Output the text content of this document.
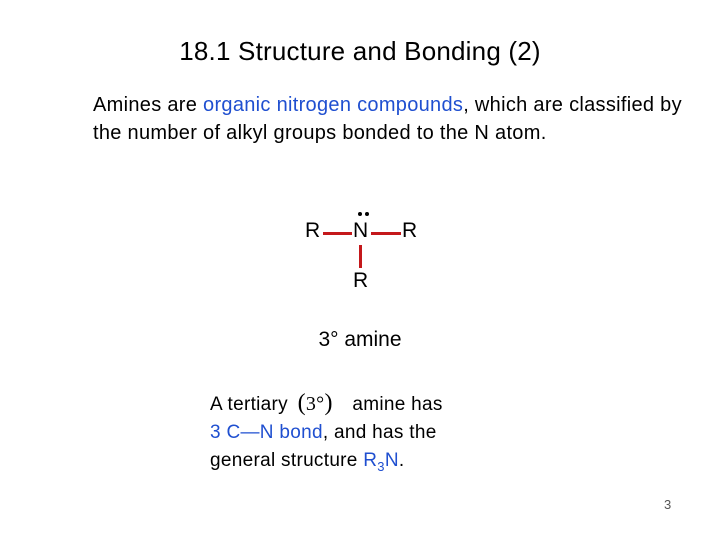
18.1 Structure and Bonding (2)
Amines are organic nitrogen compounds, which are classified by the number of alkyl groups bonded to the N atom.
R N R
R
3° amine
A tertiary (3°) amine has
3 C—N bond, and has the
general structure $R_3N$.
3
